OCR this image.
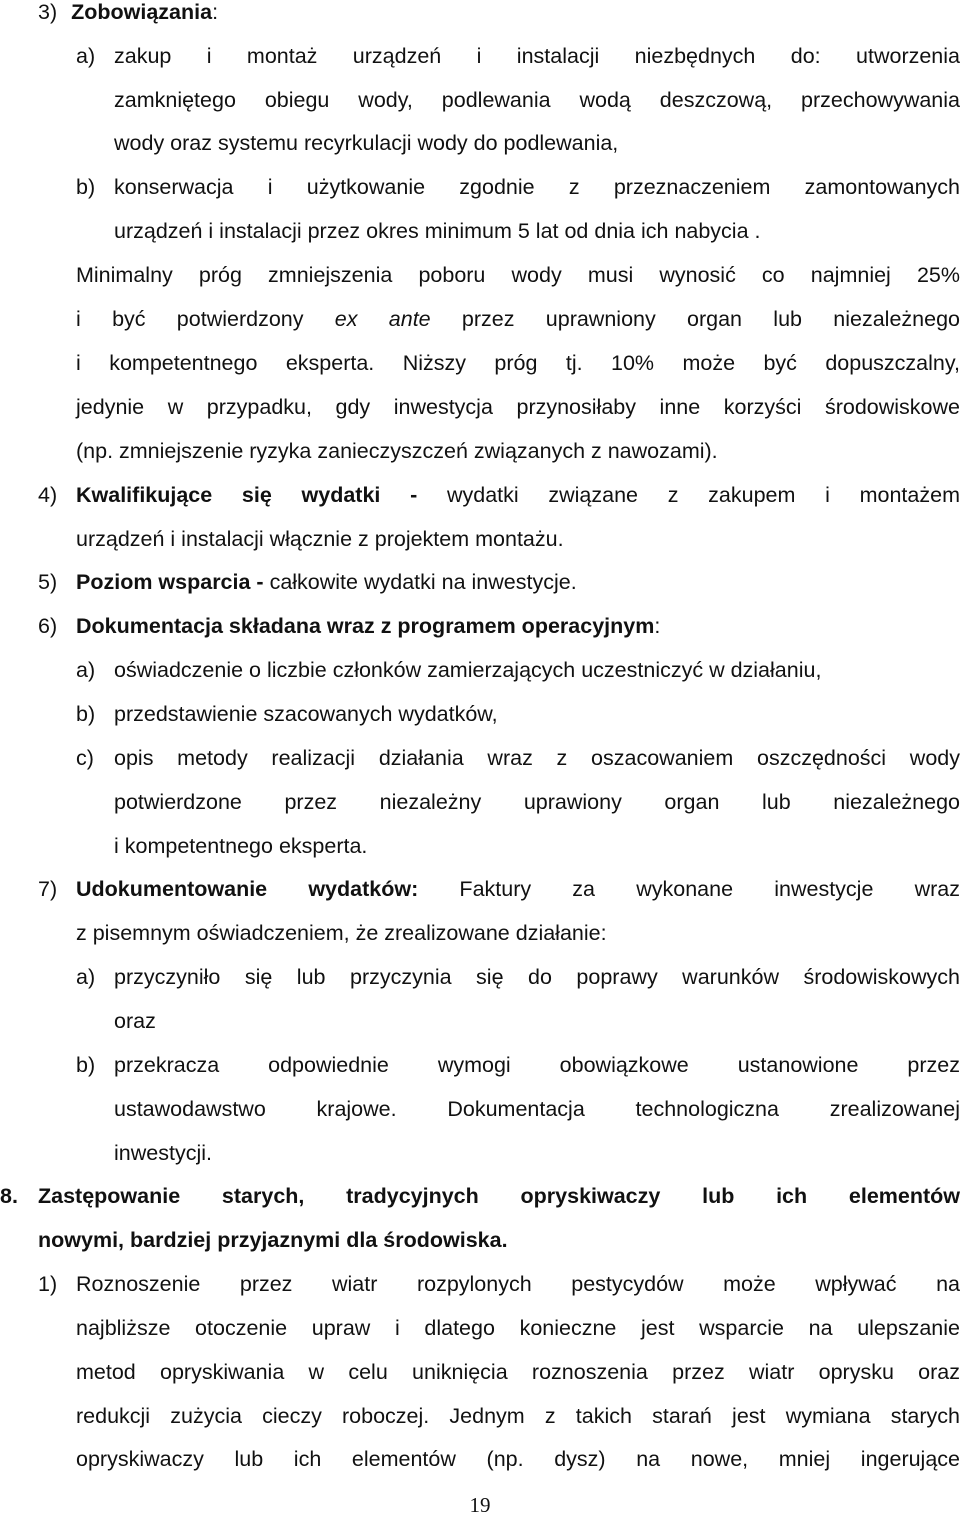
3) Zobowiązania:
a) zakup i montaż urządzeń i instalacji niezbędnych do: utworzenia
zamkniętego obiegu wody, podlewania wodą deszczową, przechowywania
wody oraz systemu recyrkulacji wody do podlewania,
b) konserwacja i użytkowanie zgodnie z przeznaczeniem zamontowanych
urządzeń i instalacji przez okres minimum 5 lat od dnia ich nabycia .
Minimalny próg zmniejszenia poboru wody musi wynosić co najmniej 25%
i być potwierdzony ex ante przez uprawniony organ lub niezależnego
i kompetentnego eksperta. Niższy próg tj. 10% może być dopuszczalny,
jedynie w przypadku, gdy inwestycja przynosiłaby inne korzyści środowiskowe
(np. zmniejszenie ryzyka zanieczyszczeń związanych z nawozami).
4) Kwalifikujące się wydatki - wydatki związane z zakupem i montażem
urządzeń i instalacji włącznie z projektem montażu.
5) Poziom wsparcia - całkowite wydatki na inwestycje.
6) Dokumentacja składana wraz z programem operacyjnym:
a) oświadczenie o liczbie członków zamierzających uczestniczyć w działaniu,
b) przedstawienie szacowanych wydatków,
c) opis metody realizacji działania wraz z oszacowaniem oszczędności wody
potwierdzone przez niezależny uprawiony organ lub niezależnego
i kompetentnego eksperta.
7) Udokumentowanie wydatków: Faktury za wykonane inwestycje wraz
z pisemnym oświadczeniem, że zrealizowane działanie:
a) przyczyniło się lub przyczynia się do poprawy warunków środowiskowych
oraz
b) przekracza odpowiednie wymogi obowiązkowe ustanowione przez
ustawodawstwo krajowe. Dokumentacja technologiczna zrealizowanej
inwestycji.
8. Zastępowanie starych, tradycyjnych opryskiwaczy lub ich elementów
nowymi, bardziej przyjaznymi dla środowiska.
1) Roznoszenie przez wiatr rozpylonych pestycydów może wpływać na
najbliższe otoczenie upraw i dlatego konieczne jest wsparcie na ulepszanie
metod opryskiwania w celu uniknięcia roznoszenia przez wiatr oprysku oraz
redukcji zużycia cieczy roboczej. Jednym z takich starań jest wymiana starych
opryskiwaczy lub ich elementów (np. dysz) na nowe, mniej ingerujące
19
